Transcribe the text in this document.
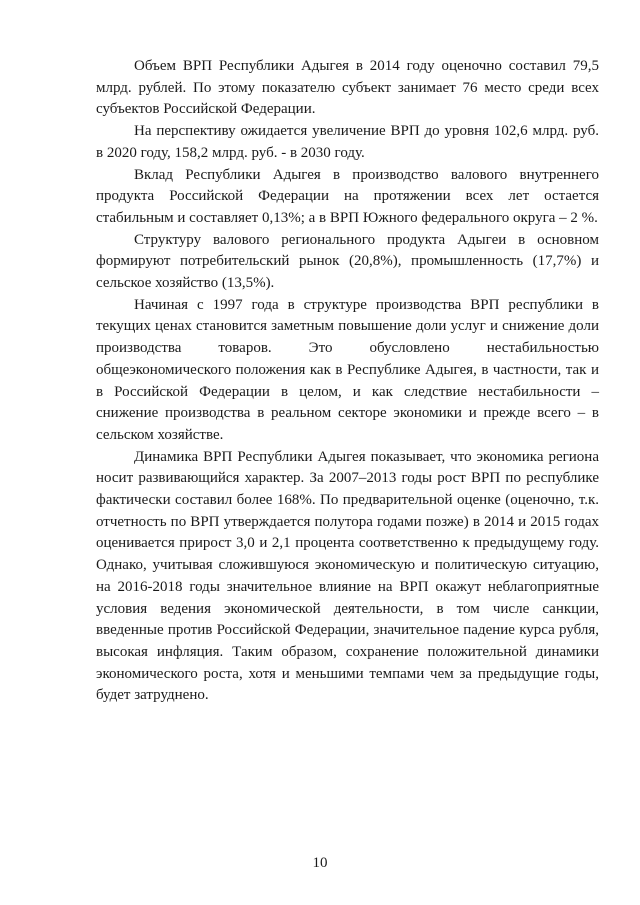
Объем ВРП Республики Адыгея в 2014 году оценочно составил 79,5 млрд. рублей. По этому показателю субъект занимает 76 место среди всех субъектов Российской Федерации.

На перспективу ожидается увеличение ВРП до уровня 102,6 млрд. руб. в 2020 году, 158,2 млрд. руб. - в 2030 году.

Вклад Республики Адыгея в производство валового внутреннего продукта Российской Федерации на протяжении всех лет остается стабильным и составляет 0,13%; а в ВРП Южного федерального округа – 2 %.

Структуру валового регионального продукта Адыгеи в основном формируют потребительский рынок (20,8%), промышленность (17,7%) и сельское хозяйство (13,5%).

Начиная с 1997 года в структуре производства ВРП республики в текущих ценах становится заметным повышение доли услуг и снижение доли производства товаров. Это обусловлено нестабильностью общеэкономического положения как в Республике Адыгея, в частности, так и в Российской Федерации в целом, и как следствие нестабильности – снижение производства в реальном секторе экономики и прежде всего – в сельском хозяйстве.

Динамика ВРП Республики Адыгея показывает, что экономика региона носит развивающийся характер. За 2007–2013 годы рост ВРП по республике фактически составил более 168%. По предварительной оценке (оценочно, т.к. отчетность по ВРП утверждается полутора годами позже) в 2014 и 2015 годах оценивается прирост 3,0 и 2,1 процента соответственно к предыдущему году. Однако, учитывая сложившуюся экономическую и политическую ситуацию, на 2016-2018 годы значительное влияние на ВРП окажут неблагоприятные условия ведения экономической деятельности, в том числе санкции, введенные против Российской Федерации, значительное падение курса рубля, высокая инфляция. Таким образом, сохранение положительной динамики экономического роста, хотя и меньшими темпами чем за предыдущие годы, будет затруднено.

10
